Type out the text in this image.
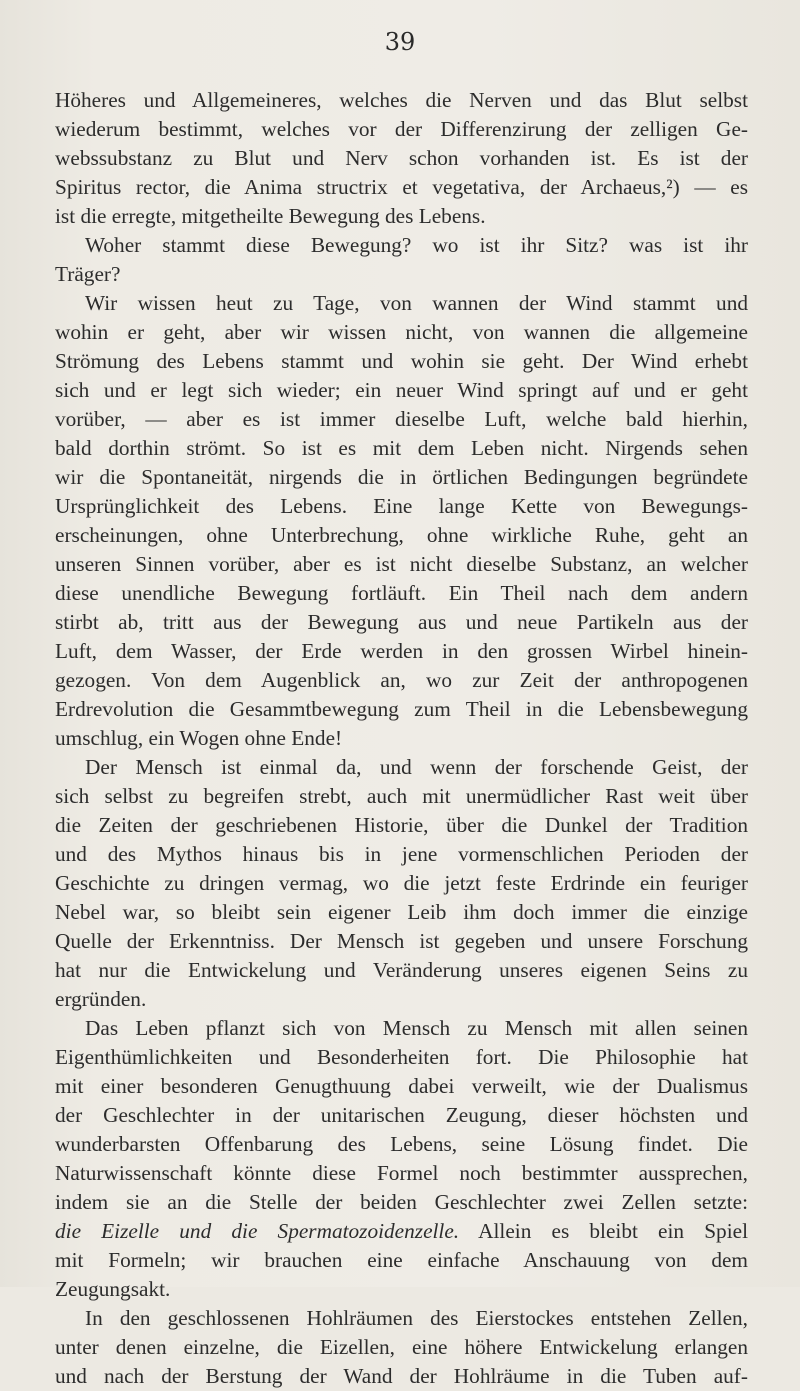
39
Höheres und Allgemeineres, welches die Nerven und das Blut selbst
wiederum bestimmt, welches vor der Differenzirung der zelligen Ge-
webssubstanz zu Blut und Nerv schon vorhanden ist. Es ist der
Spiritus rector, die Anima structrix et vegetativa, der Archaeus,²) — es
ist die erregte, mitgetheilte Bewegung des Lebens.
Woher stammt diese Bewegung? wo ist ihr Sitz? was ist ihr
Träger?
Wir wissen heut zu Tage, von wannen der Wind stammt und
wohin er geht, aber wir wissen nicht, von wannen die allgemeine
Strömung des Lebens stammt und wohin sie geht. Der Wind erhebt
sich und er legt sich wieder; ein neuer Wind springt auf und er geht
vorüber, — aber es ist immer dieselbe Luft, welche bald hierhin,
bald dorthin strömt. So ist es mit dem Leben nicht. Nirgends sehen
wir die Spontaneität, nirgends die in örtlichen Bedingungen begründete
Ursprünglichkeit des Lebens. Eine lange Kette von Bewegungs-
erscheinungen, ohne Unterbrechung, ohne wirkliche Ruhe, geht an
unseren Sinnen vorüber, aber es ist nicht dieselbe Substanz, an welcher
diese unendliche Bewegung fortläuft. Ein Theil nach dem andern
stirbt ab, tritt aus der Bewegung aus und neue Partikeln aus der
Luft, dem Wasser, der Erde werden in den grossen Wirbel hinein-
gezogen. Von dem Augenblick an, wo zur Zeit der anthropogenen
Erdrevolution die Gesammtbewegung zum Theil in die Lebensbewegung
umschlug, ein Wogen ohne Ende!
Der Mensch ist einmal da, und wenn der forschende Geist, der
sich selbst zu begreifen strebt, auch mit unermüdlicher Rast weit über
die Zeiten der geschriebenen Historie, über die Dunkel der Tradition
und des Mythos hinaus bis in jene vormenschlichen Perioden der
Geschichte zu dringen vermag, wo die jetzt feste Erdrinde ein feuriger
Nebel war, so bleibt sein eigener Leib ihm doch immer die einzige
Quelle der Erkenntniss. Der Mensch ist gegeben und unsere Forschung
hat nur die Entwickelung und Veränderung unseres eigenen Seins zu
ergründen.
Das Leben pflanzt sich von Mensch zu Mensch mit allen seinen
Eigenthümlichkeiten und Besonderheiten fort. Die Philosophie hat
mit einer besonderen Genugthuung dabei verweilt, wie der Dualismus
der Geschlechter in der unitarischen Zeugung, dieser höchsten und
wunderbarsten Offenbarung des Lebens, seine Lösung findet. Die
Naturwissenschaft könnte diese Formel noch bestimmter aussprechen,
indem sie an die Stelle der beiden Geschlechter zwei Zellen setzte:
die Eizelle und die Spermatozoidenzelle. Allein es bleibt ein Spiel
mit Formeln; wir brauchen eine einfache Anschauung von dem
Zeugungsakt.
In den geschlossenen Hohlräumen des Eierstockes entstehen Zellen,
unter denen einzelne, die Eizellen, eine höhere Entwickelung erlangen
und nach der Berstung der Wand der Hohlräume in die Tuben auf-
